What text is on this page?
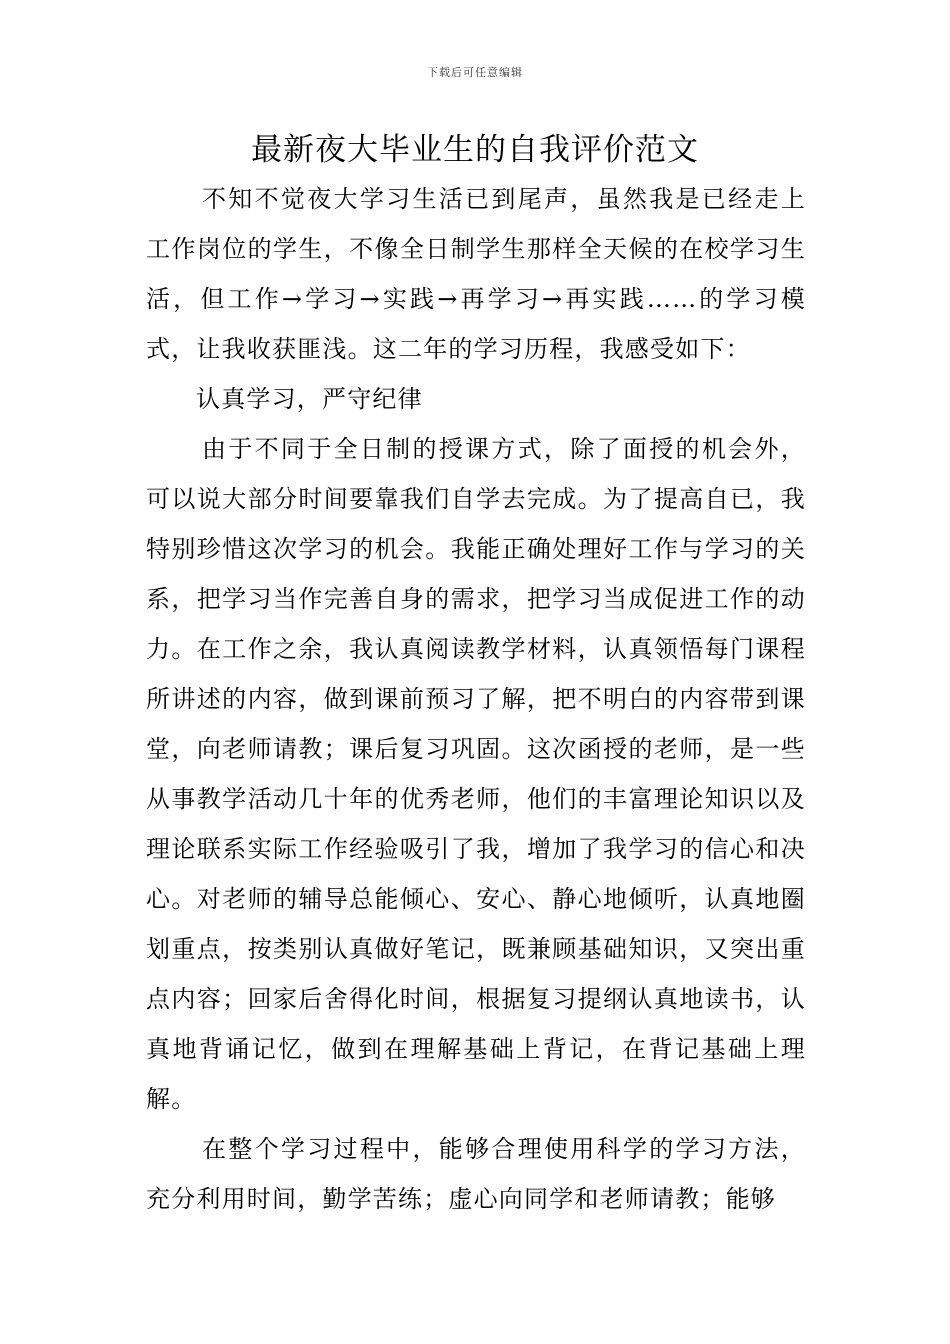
下载后可任意编辑
最新夜大毕业生的自我评价范文

不知不觉夜大学习生活已到尾声，虽然我是已经走上工作岗位的学生，不像全日制学生那样全天候的在校学习生活，但工作→学习→实践→再学习→再实践……的学习模式，让我收获匪浅。这二年的学习历程，我感受如下：

认真学习，严守纪律

由于不同于全日制的授课方式，除了面授的机会外，可以说大部分时间要靠我们自学去完成。为了提高自已，我特别珍惜这次学习的机会。我能正确处理好工作与学习的关系，把学习当作完善自身的需求，把学习当成促进工作的动力。在工作之余，我认真阅读教学材料，认真领悟每门课程所讲述的内容，做到课前预习了解，把不明白的内容带到课堂，向老师请教；课后复习巩固。这次函授的老师，是一些从事教学活动几十年的优秀老师，他们的丰富理论知识以及理论联系实际工作经验吸引了我，增加了我学习的信心和决心。对老师的辅导总能倾心、安心、静心地倾听，认真地圈划重点，按类别认真做好笔记，既兼顾基础知识，又突出重点内容；回家后舍得化时间，根据复习提纲认真地读书，认真地背诵记忆，做到在理解基础上背记，在背记基础上理解。

在整个学习过程中，能够合理使用科学的学习方法，充分利用时间，勤学苦练；虚心向同学和老师请教；能够
